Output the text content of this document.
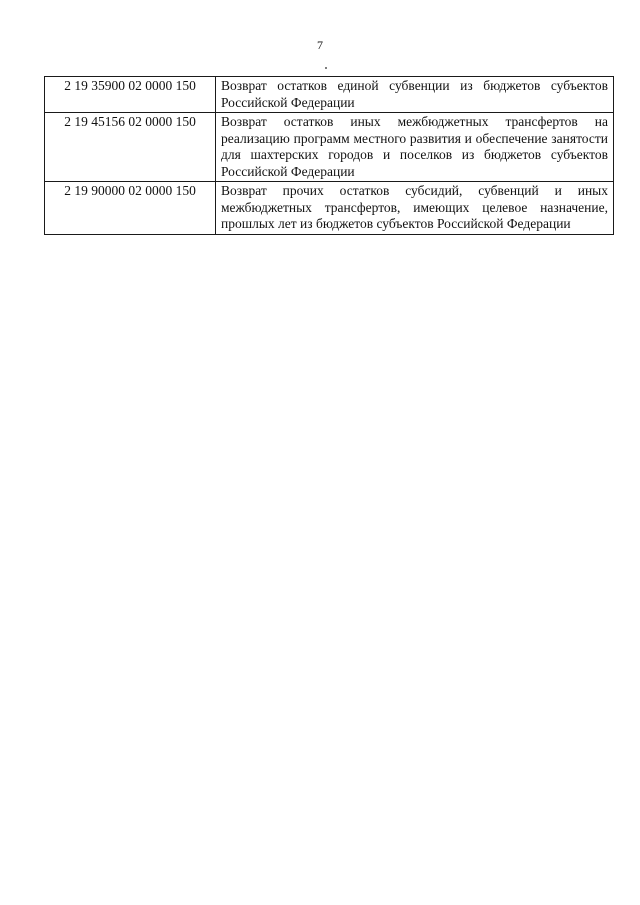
7
2 19 35900 02 0000 150	Возврат остатков единой субвенции из бюджетов субъектов Российской Федерации
2 19 45156 02 0000 150	Возврат остатков иных межбюджетных трансфертов на реализацию программ местного развития и обеспечение занятости для шахтерских городов и поселков из бюджетов субъектов Российской Федерации
2 19 90000 02 0000 150	Возврат прочих остатков субсидий, субвенций и иных межбюджетных трансфертов, имеющих целевое назначение, прошлых лет из бюджетов субъектов Российской Федерации
